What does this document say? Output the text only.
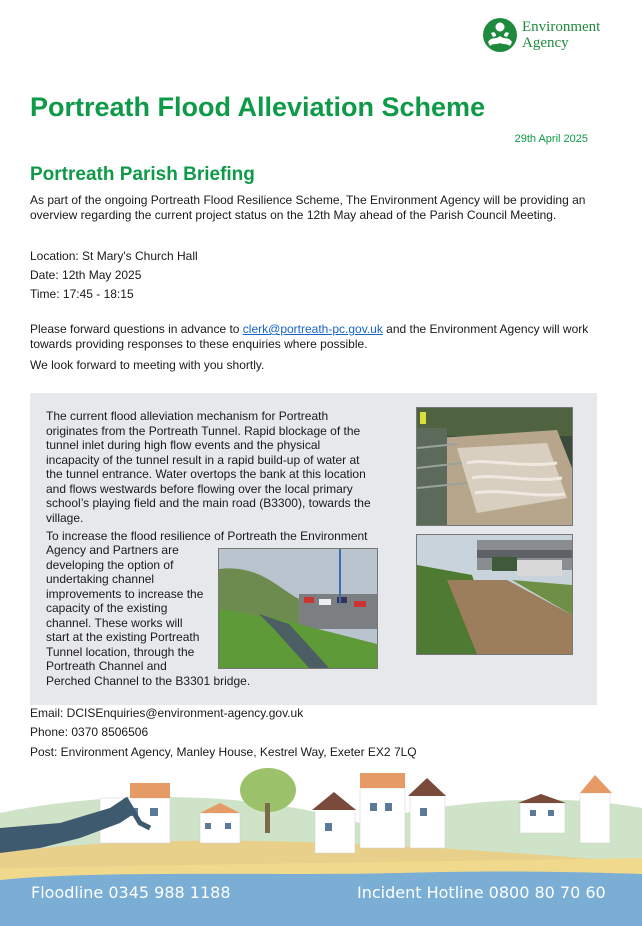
Environment
Agency
Portreath Flood Alleviation Scheme
29th April 2025
Portreath Parish Briefing

As part of the ongoing Portreath Flood Resilience Scheme, The Environment Agency will be providing an overview regarding the current project status on the 12th May ahead of the Parish Council Meeting.

Location: St Mary's Church Hall

Date: 12th May 2025

Time: 17:45 - 18:15

Please forward questions in advance to clerk@portreath-pc.gov.uk and the Environment Agency will work towards providing responses to these enquiries where possible.

We look forward to meeting with you shortly.

The current flood alleviation mechanism for Portreath
originates from the Portreath Tunnel. Rapid blockage of the
tunnel inlet during high flow events and the physical
incapacity of the tunnel result in a rapid build-up of water at
the tunnel entrance. Water overtops the bank at this location
and flows westwards before flowing over the local primary
school’s playing field and the main road (B3300), towards the
village.
To increase the flood resilience of Portreath the Environment
Agency and Partners are
developing the option of
undertaking channel
improvements to increase the
capacity of the existing
channel. These works will
start at the existing Portreath
Tunnel location, through the
Portreath Channel and
Perched Channel to the B3301 bridge.

Email: DCISEnquiries@environment-agency.gov.uk

Phone: 0370 8506506

Post: Environment Agency, Manley House, Kestrel Way, Exeter EX2 7LQ

Floodline 0345 988 1188	Incident Hotline 0800 80 70 60
